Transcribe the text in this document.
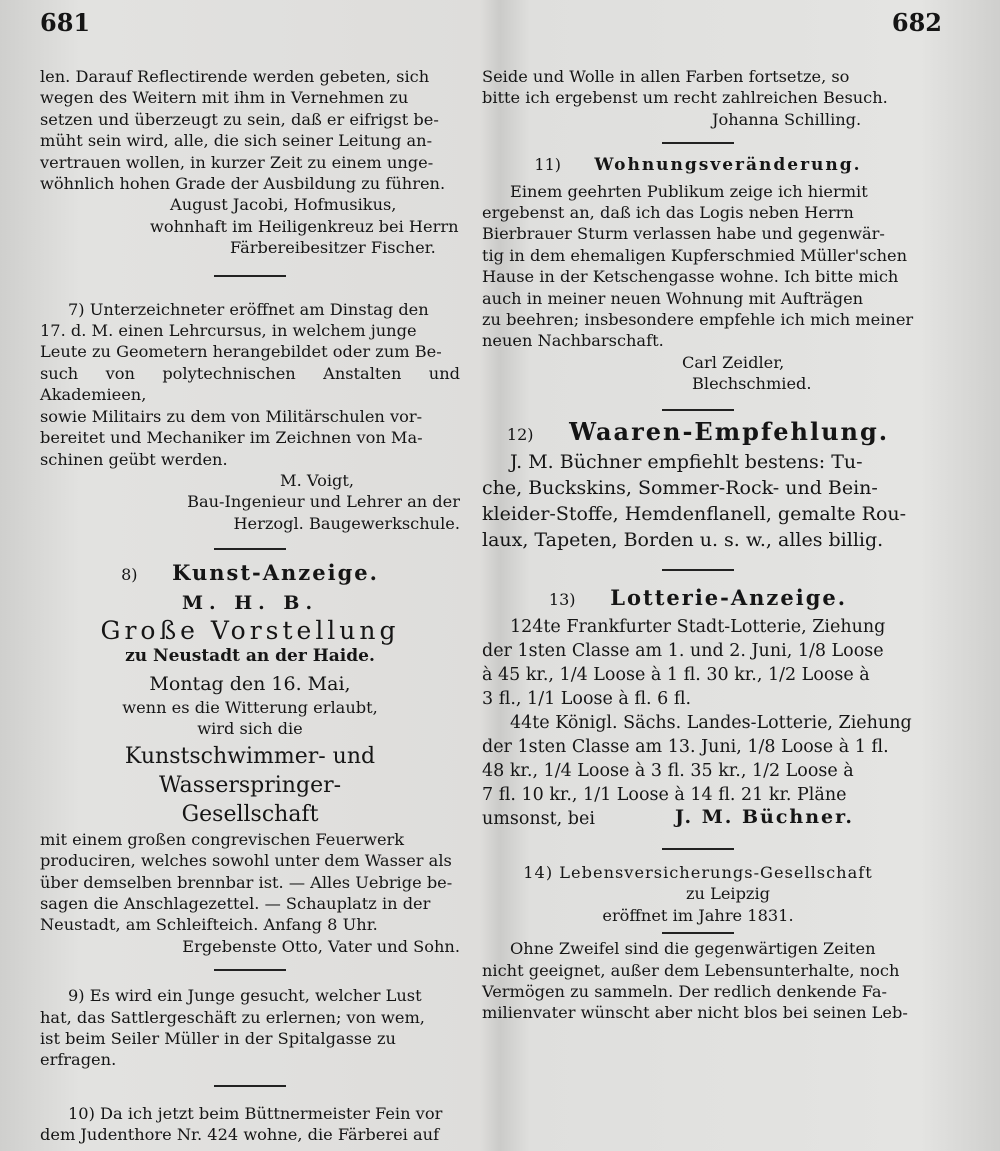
681	682

len. Darauf Reflectirende werden gebeten, sich

wegen des Weitern mit ihm in Vernehmen zu

setzen und überzeugt zu sein, daß er eifrigst be-

müht sein wird, alle, die sich seiner Leitung an-

vertrauen wollen, in kurzer Zeit zu einem unge-

wöhnlich hohen Grade der Ausbildung zu führen.

August Jacobi, Hofmusikus,

wohnhaft im Heiligenkreuz bei Herrn

Färbereibesitzer Fischer.

7) Unterzeichneter eröffnet am Dinstag den

17. d. M. einen Lehrcursus, in welchem junge

Leute zu Geometern herangebildet oder zum Be-

such von polytechnischen Anstalten und Akademieen,

sowie Militairs zu dem von Militärschulen vor-

bereitet und Mechaniker im Zeichnen von Ma-

schinen geübt werden.

M. Voigt,

Bau-Ingenieur und Lehrer an der

Herzogl. Baugewerkschule.

8) Kunst-Anzeige.

M. H. B.

Große Vorstellung

zu Neustadt an der Haide.

Montag den 16. Mai,

wenn es die Witterung erlaubt,

wird sich die

Kunstschwimmer- und Wasserspringer-

Gesellschaft

mit einem großen congrevischen Feuerwerk

produciren, welches sowohl unter dem Wasser als

über demselben brennbar ist. — Alles Uebrige be-

sagen die Anschlagezettel. — Schauplatz in der

Neustadt, am Schleifteich. Anfang 8 Uhr.

Ergebenste Otto, Vater und Sohn.

9) Es wird ein Junge gesucht, welcher Lust

hat, das Sattlergeschäft zu erlernen; von wem,

ist beim Seiler Müller in der Spitalgasse zu

erfragen.

10) Da ich jetzt beim Büttnermeister Fein vor

dem Judenthore Nr. 424 wohne, die Färberei auf

Seide und Wolle in allen Farben fortsetze, so

bitte ich ergebenst um recht zahlreichen Besuch.

Johanna Schilling.

11) Wohnungsveränderung.

Einem geehrten Publikum zeige ich hiermit

ergebenst an, daß ich das Logis neben Herrn

Bierbrauer Sturm verlassen habe und gegenwär-

tig in dem ehemaligen Kupferschmied Müller'schen

Hause in der Ketschengasse wohne. Ich bitte mich

auch in meiner neuen Wohnung mit Aufträgen

zu beehren; insbesondere empfehle ich mich meiner

neuen Nachbarschaft.

Carl Zeidler,

Blechschmied.

12) Waaren-Empfehlung.

J. M. Büchner empfiehlt bestens: Tu-

che, Buckskins, Sommer-Rock- und Bein-

kleider-Stoffe, Hemdenflanell, gemalte Rou-

laux, Tapeten, Borden u. s. w., alles billig.

13) Lotterie-Anzeige.

124te Frankfurter Stadt-Lotterie, Ziehung

der 1sten Classe am 1. und 2. Juni, 1/8 Loose

à 45 kr., 1/4 Loose à 1 fl. 30 kr., 1/2 Loose à

3 fl., 1/1 Loose à fl. 6 fl.

44te Königl. Sächs. Landes-Lotterie, Ziehung

der 1sten Classe am 13. Juni, 1/8 Loose à 1 fl.

48 kr., 1/4 Loose à 3 fl. 35 kr., 1/2 Loose à

7 fl. 10 kr., 1/1 Loose à 14 fl. 21 kr. Pläne

umsonst, bei	J. M. Büchner.

14) Lebensversicherungs-Gesellschaft

zu Leipzig

eröffnet im Jahre 1831.

Ohne Zweifel sind die gegenwärtigen Zeiten

nicht geeignet, außer dem Lebensunterhalte, noch

Vermögen zu sammeln. Der redlich denkende Fa-

milienvater wünscht aber nicht blos bei seinen Leb-
